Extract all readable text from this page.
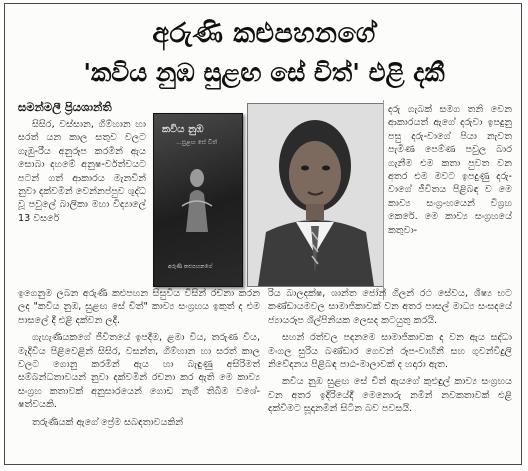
අරුණි කළුපහනගේ
'කවිය නුඹ සුළඟ සේ චිත්' එළි දකී
සමන්මලී ප්‍රියශාන්ති

සිසිර, වස්සාන, ගිම්හාන හා සරත් යන කාල සතුව වලට ගැඹු-රීය අනුරූප කරමින් ඇය සොබා දහමේ අනුෂ-ර්වත්වයට පටන් ගත් ආකාරය මැනවින් නුවා දක්වමින් වෙන්නප්පුව ශුද්ධ වූ පවුලේ බාලිකා මහා විද්‍යාලේ 13 වසරේ

කවිය නුඹ
...සුළඟ සේ චිත්
අරුණි කළුපහනගේ

දරු ගැබක් සමග තනි වෙන ආකාරයත් ඇගේ දරුවා ඉපදුනු පසු දරු-වාගේ පියා නැවත පැමිණ පෙම්ණ පවුල බාර ගැනීම එම කතා පුවත වන අතර එම මවට ඉපදුණු දරු-වාගේ ජීවිතය පිළිබඳ ව මෙ කාව්‍ය සංග්‍ර-හයෙන් විග්‍රහ කෙරේ. මෙ කාව්‍ය සංග්‍රහයේ කතුවා-

ඉගෙනුම ලබන අරුණි කළුපහන සිසුවිය විසින් රචනා කරන ලද "කවිය නුඹ, සුළඟ සේ චිත්" කාව්‍ය සංග්‍රහය ඉකුත් ද එම පාසලේ දී එළි දක්වන ලදී.

ගැහැණියකගේ ජීවිතයේ ඉපදීම, ළමා විය, තරුණ විය, මැදිවිය පිළිවෙළින් සිසිර, වසන්ත, ගිම්හාන හා සරත් කාල වලට ගොනු කරමින් ඇය හා බැඳුණු අසිරිමත් සම්බන්ධතාවයන් නුවා දක්වමින් රචනා කර ඇති මෙ කාව්‍ය සංග්‍රහ කතාවක් අනුසාරයෙන් ගොඩ නැගී තිබීම වශේ-ෂත්වයකි.

තරුණියක් ඇගේ ප්‍රේම සබඳතාවයකින්

රිය බාලදක්ෂ, ශාන්ත ජෝන් ගිලන් රථ සේවය, ශිෂ්‍ය භට කණ්ඩායමවල සාමාජිකාවක් වන අතර පාසල් මාධ්‍ය සංසදයේ ජ්‍යායරූප ශිල්පිනියක ලෙසද කටයුතු කරයි.

සහන් රත්වල පදනමෙ සාමාජිකාවක ද වන ඇය සද්ධා මංගල සුරිය බණ්ඩාර ගෙවන් රූප-වාහිනී සහ ගුවන්විදුලි නිවේදනය පිළිබඳ පාඨ-මාලාවක් ද හදාරා ඇත.

කවිය නුඹ සුළඟ සේ චිත් ඇයගේ කුළුඳුල් කාව්‍ය සංග්‍රහය වන අතර ඉදිරියේදී මෙනොරු නමින් නවකතාවක් එළි දක්වීමට සූදානමින් සිටින බව පවසයි.
